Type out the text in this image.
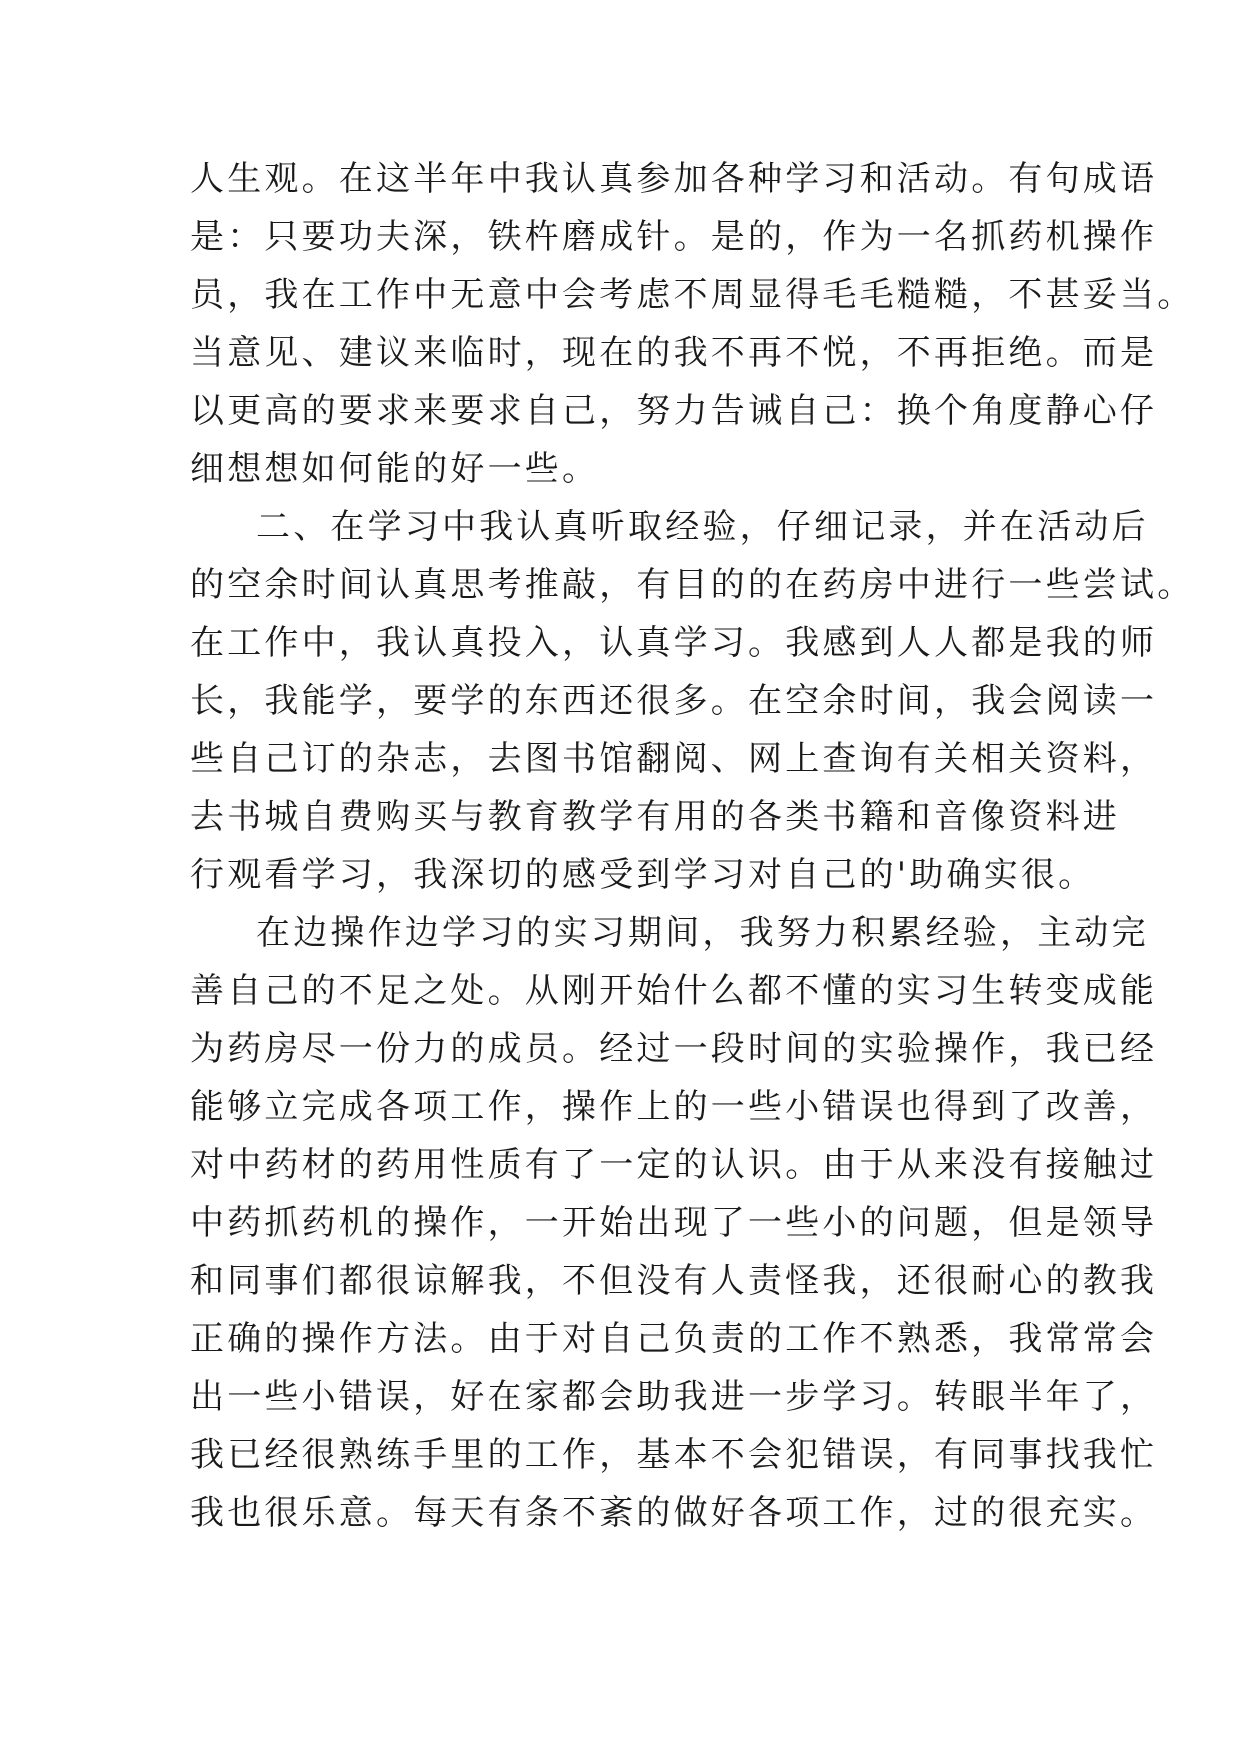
人生观。在这半年中我认真参加各种学习和活动。有句成语
是：只要功夫深，铁杵磨成针。是的，作为一名抓药机操作
员，我在工作中无意中会考虑不周显得毛毛糙糙，不甚妥当。
当意见、建议来临时，现在的我不再不悦，不再拒绝。而是
以更高的要求来要求自己，努力告诫自己：换个角度静心仔
细想想如何能的好一些。
二、在学习中我认真听取经验，仔细记录，并在活动后
的空余时间认真思考推敲，有目的的在药房中进行一些尝试。
在工作中，我认真投入，认真学习。我感到人人都是我的师
长，我能学，要学的东西还很多。在空余时间，我会阅读一
些自己订的杂志，去图书馆翻阅、网上查询有关相关资料，
去书城自费购买与教育教学有用的各类书籍和音像资料进
行观看学习，我深切的感受到学习对自己的'助确实很。
在边操作边学习的实习期间，我努力积累经验，主动完
善自己的不足之处。从刚开始什么都不懂的实习生转变成能
为药房尽一份力的成员。经过一段时间的实验操作，我已经
能够立完成各项工作，操作上的一些小错误也得到了改善，
对中药材的药用性质有了一定的认识。由于从来没有接触过
中药抓药机的操作，一开始出现了一些小的问题，但是领导
和同事们都很谅解我，不但没有人责怪我，还很耐心的教我
正确的操作方法。由于对自己负责的工作不熟悉，我常常会
出一些小错误，好在家都会助我进一步学习。转眼半年了，
我已经很熟练手里的工作，基本不会犯错误，有同事找我忙
我也很乐意。每天有条不紊的做好各项工作，过的很充实。
